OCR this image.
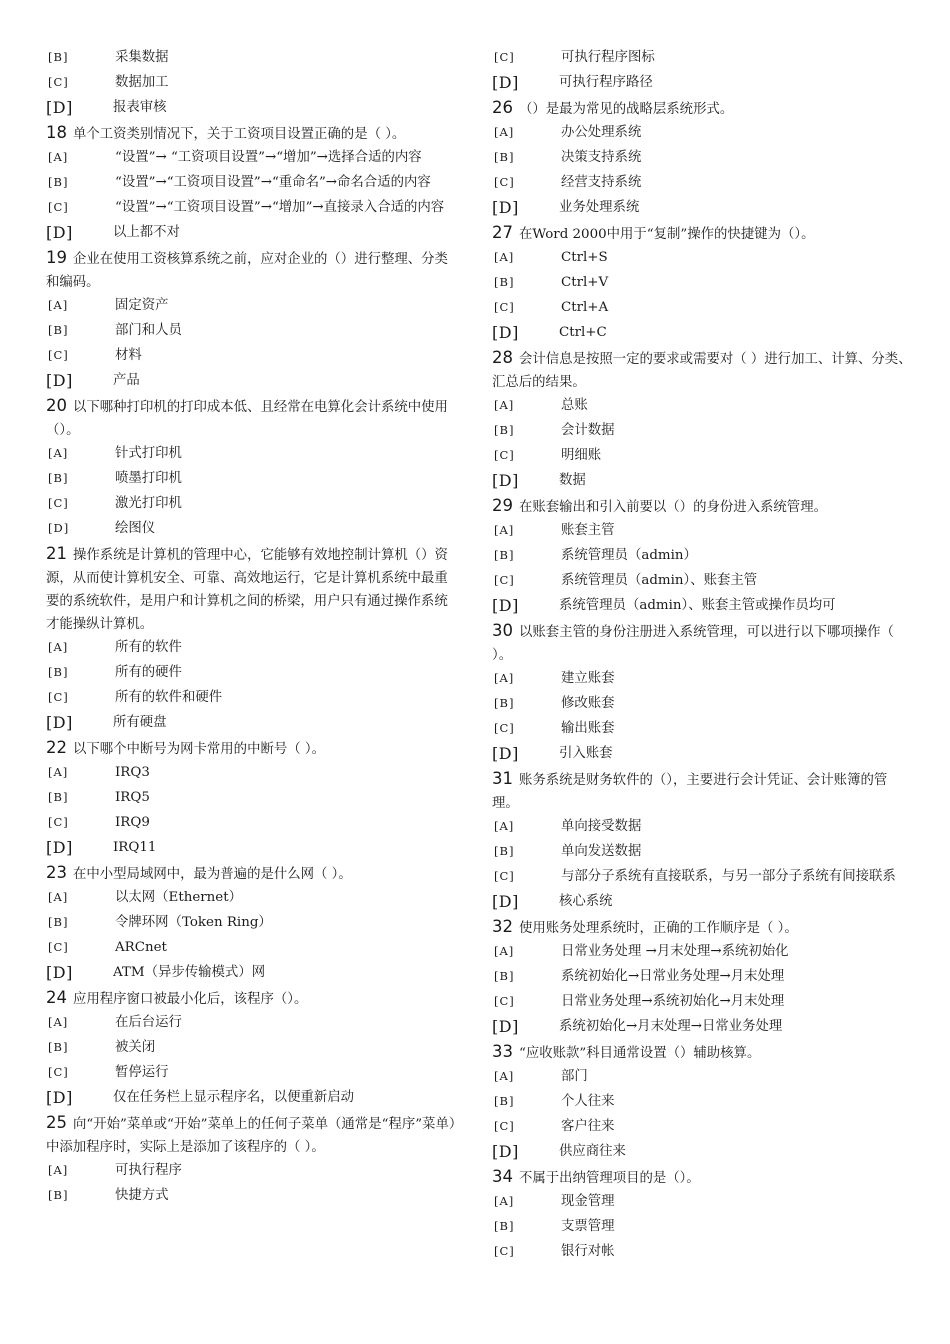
[B]	采集数据
[C]	数据加工
[D]	报表审核

18 单个工资类别情况下，关于工资项目设置正确的是（ ）。

[A]	“设置”→ “工资项目设置”→“增加”→选择合适的内容
[B]	“设置”→“工资项目设置”→“重命名”→命名合适的内容
[C]	“设置”→“工资项目设置”→“增加”→直接录入合适的内容
[D]	以上都不对

19 企业在使用工资核算系统之前，应对企业的（）进行整理、分类和编码。

[A]	固定资产
[B]	部门和人员
[C]	材料
[D]	产品

20 以下哪种打印机的打印成本低、且经常在电算化会计系统中使用（）。

[A]	针式打印机
[B]	喷墨打印机
[C]	激光打印机
[D]	绘图仪

21 操作系统是计算机的管理中心，它能够有效地控制计算机（）资源，从而使计算机安全、可靠、高效地运行，它是计算机系统中最重要的系统软件，是用户和计算机之间的桥梁，用户只有通过操作系统才能操纵计算机。

[A]	所有的软件
[B]	所有的硬件
[C]	所有的软件和硬件
[D]	所有硬盘

22 以下哪个中断号为网卡常用的中断号（ ）。

[A]	IRQ3
[B]	IRQ5
[C]	IRQ9
[D]	IRQ11

23 在中小型局域网中，最为普遍的是什么网（ ）。

[A]	以太网（Ethernet）
[B]	令牌环网（Token Ring）
[C]	ARCnet
[D]	ATM（异步传输模式）网

24 应用程序窗口被最小化后，该程序（）。

[A]	在后台运行
[B]	被关闭
[C]	暂停运行
[D]	仅在任务栏上显示程序名，以便重新启动

25 向“开始”菜单或“开始”菜单上的任何子菜单（通常是“程序”菜单）中添加程序时，实际上是添加了该程序的（ ）。

[A]	可执行程序
[B]	快捷方式
[C]	可执行程序图标
[D]	可执行程序路径

26 （）是最为常见的战略层系统形式。

[A]	办公处理系统
[B]	决策支持系统
[C]	经营支持系统
[D]	业务处理系统

27 在Word 2000中用于“复制”操作的快捷键为（）。

[A]	Ctrl+S
[B]	Ctrl+V
[C]	Ctrl+A
[D]	Ctrl+C

28 会计信息是按照一定的要求或需要对（ ）进行加工、计算、分类、汇总后的结果。

[A]	总账
[B]	会计数据
[C]	明细账
[D]	数据

29 在账套输出和引入前要以（）的身份进入系统管理。

[A]	账套主管
[B]	系统管理员（admin）
[C]	系统管理员（admin）、账套主管
[D]	系统管理员（admin）、账套主管或操作员均可

30 以账套主管的身份注册进入系统管理，可以进行以下哪项操作（ ）。

[A]	建立账套
[B]	修改账套
[C]	输出账套
[D]	引入账套

31 账务系统是财务软件的（），主要进行会计凭证、会计账簿的管理。

[A]	单向接受数据
[B]	单向发送数据
[C]	与部分子系统有直接联系，与另一部分子系统有间接联系
[D]	核心系统

32 使用账务处理系统时，正确的工作顺序是（ ）。

[A]	日常业务处理 →月末处理→系统初始化
[B]	系统初始化→日常业务处理→月末处理
[C]	日常业务处理→系统初始化→月末处理
[D]	系统初始化→月末处理→日常业务处理

33 “应收账款”科目通常设置（）辅助核算。

[A]	部门
[B]	个人往来
[C]	客户往来
[D]	供应商往来

34 不属于出纳管理项目的是（）。

[A]	现金管理
[B]	支票管理
[C]	银行对帐
